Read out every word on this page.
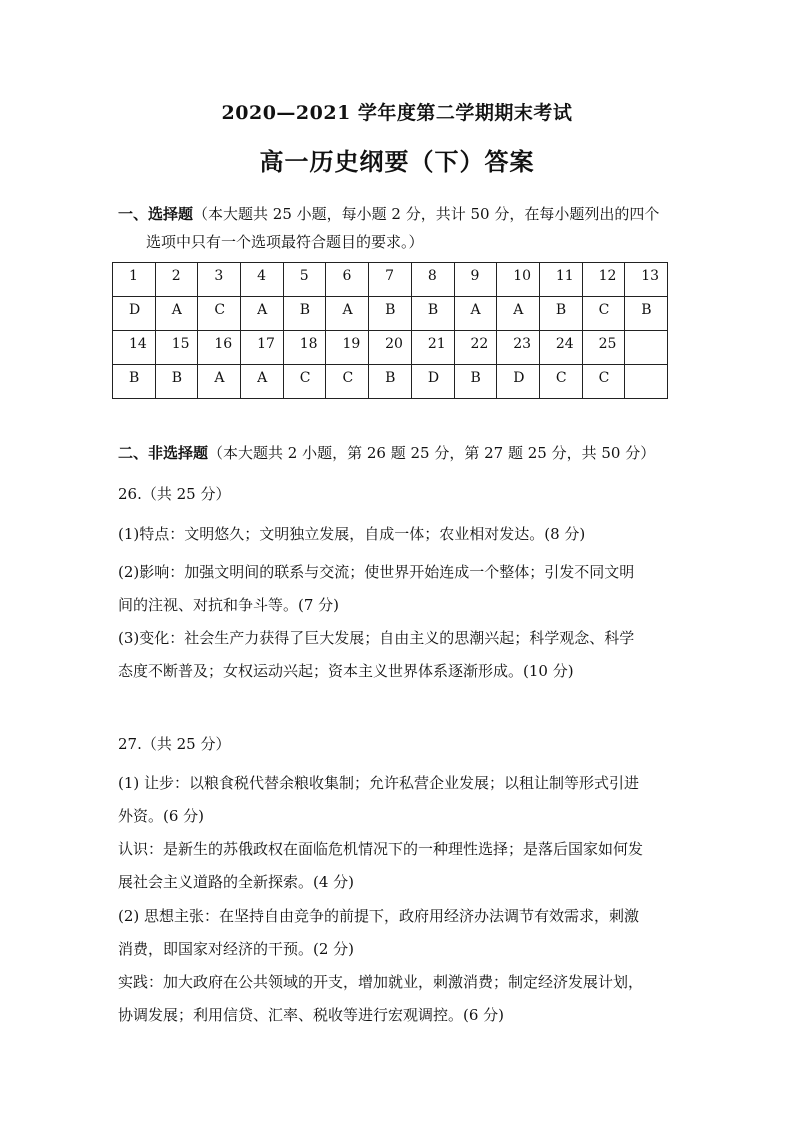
2020—2021 学年度第二学期期末考试
高一历史纲要（下）答案
一、选择题（本大题共 25 小题，每小题 2 分，共计 50 分，在每小题列出的四个
选项中只有一个选项最符合题目的要求。）
1	2	3	4	5	6	7	8	9	10	11	12	13
D	A	C	A	B	A	B	B	A	A	B	C	B
14	15	16	17	18	19	20	21	22	23	24	25	
B	B	A	A	C	C	B	D	B	D	C	C	
二、非选择题（本大题共 2 小题，第 26 题 25 分，第 27 题 25 分，共 50 分）
26.（共 25 分）
(1)特点：文明悠久；文明独立发展，自成一体；农业相对发达。(8 分)
(2)影响：加强文明间的联系与交流；使世界开始连成一个整体；引发不同文明
间的注视、对抗和争斗等。(7 分)
(3)变化：社会生产力获得了巨大发展；自由主义的思潮兴起；科学观念、科学
态度不断普及；女权运动兴起；资本主义世界体系逐渐形成。(10 分)
27.（共 25 分）
(1) 让步：以粮食税代替余粮收集制；允许私营企业发展；以租让制等形式引进
外资。(6 分)
认识：是新生的苏俄政权在面临危机情况下的一种理性选择；是落后国家如何发
展社会主义道路的全新探索。(4 分)
(2) 思想主张：在坚持自由竞争的前提下，政府用经济办法调节有效需求，刺激
消费，即国家对经济的干预。(2 分)
实践：加大政府在公共领域的开支，增加就业，刺激消费；制定经济发展计划，
协调发展；利用信贷、汇率、税收等进行宏观调控。(6 分)
